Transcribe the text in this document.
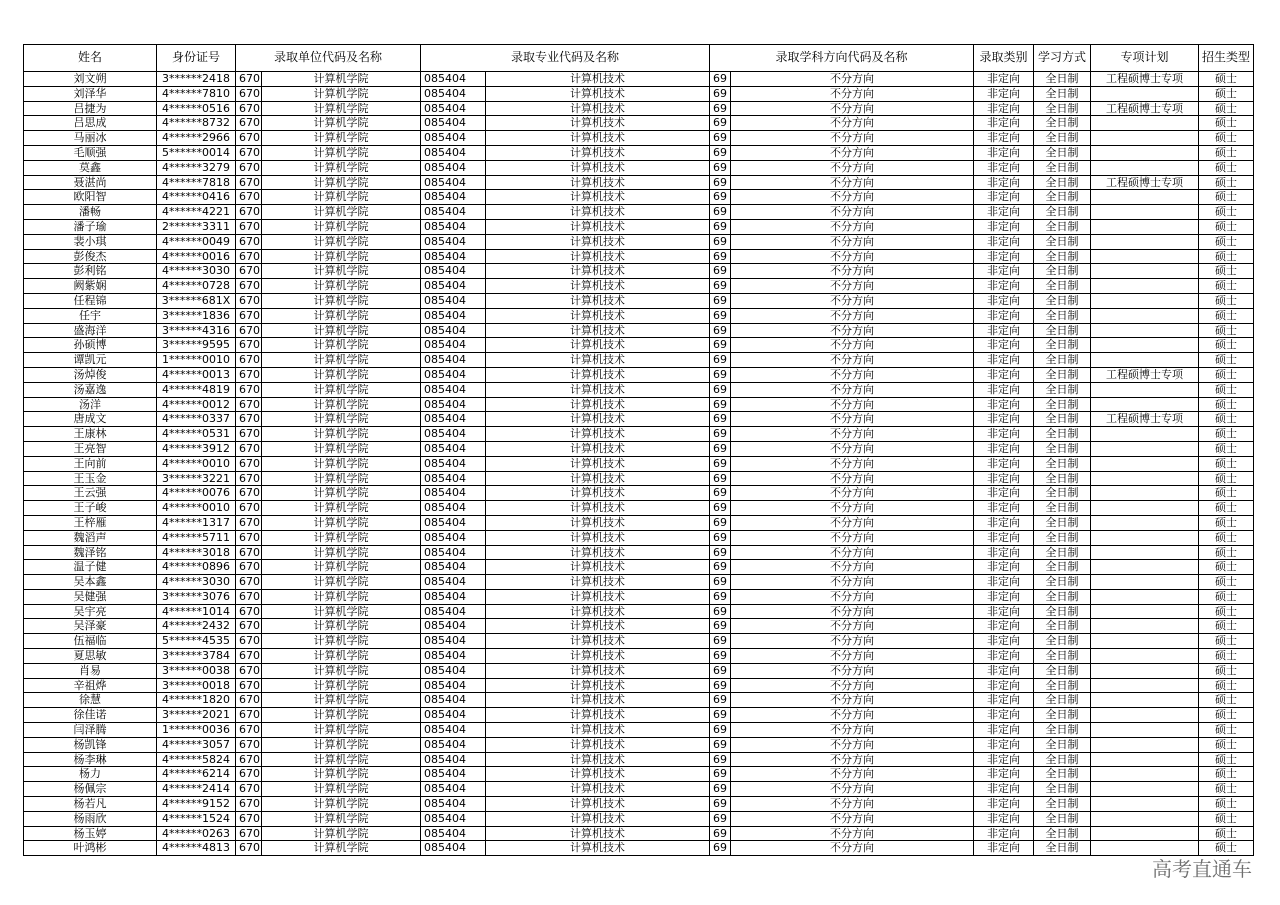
姓名	身份证号	录取单位代码及名称		录取专业代码及名称		录取学科方向代码及名称		录取类别	学习方式	专项计划	招生类型
刘文朔	3******2418	670	计算机学院	085404	计算机技术	69	不分方向	非定向	全日制	工程硕博士专项	硕士
刘泽华	4******7810	670	计算机学院	085404	计算机技术	69	不分方向	非定向	全日制		硕士
吕捷为	4******0516	670	计算机学院	085404	计算机技术	69	不分方向	非定向	全日制	工程硕博士专项	硕士
吕思成	4******8732	670	计算机学院	085404	计算机技术	69	不分方向	非定向	全日制		硕士
马丽冰	4******2966	670	计算机学院	085404	计算机技术	69	不分方向	非定向	全日制		硕士
毛顺强	5******0014	670	计算机学院	085404	计算机技术	69	不分方向	非定向	全日制		硕士
莫鑫	4******3279	670	计算机学院	085404	计算机技术	69	不分方向	非定向	全日制		硕士
聂湛尚	4******7818	670	计算机学院	085404	计算机技术	69	不分方向	非定向	全日制	工程硕博士专项	硕士
欧阳智	4******0416	670	计算机学院	085404	计算机技术	69	不分方向	非定向	全日制		硕士
潘畅	4******4221	670	计算机学院	085404	计算机技术	69	不分方向	非定向	全日制		硕士
潘子瑜	2******3311	670	计算机学院	085404	计算机技术	69	不分方向	非定向	全日制		硕士
裴小琪	4******0049	670	计算机学院	085404	计算机技术	69	不分方向	非定向	全日制		硕士
彭俊杰	4******0016	670	计算机学院	085404	计算机技术	69	不分方向	非定向	全日制		硕士
彭利铭	4******3030	670	计算机学院	085404	计算机技术	69	不分方向	非定向	全日制		硕士
阙紫娴	4******0728	670	计算机学院	085404	计算机技术	69	不分方向	非定向	全日制		硕士
任程锦	3******681X	670	计算机学院	085404	计算机技术	69	不分方向	非定向	全日制		硕士
任宇	3******1836	670	计算机学院	085404	计算机技术	69	不分方向	非定向	全日制		硕士
盛海洋	3******4316	670	计算机学院	085404	计算机技术	69	不分方向	非定向	全日制		硕士
孙硕博	3******9595	670	计算机学院	085404	计算机技术	69	不分方向	非定向	全日制		硕士
谭凯元	1******0010	670	计算机学院	085404	计算机技术	69	不分方向	非定向	全日制		硕士
汤焯俊	4******0013	670	计算机学院	085404	计算机技术	69	不分方向	非定向	全日制	工程硕博士专项	硕士
汤嘉逸	4******4819	670	计算机学院	085404	计算机技术	69	不分方向	非定向	全日制		硕士
汤洋	4******0012	670	计算机学院	085404	计算机技术	69	不分方向	非定向	全日制		硕士
唐成文	4******0337	670	计算机学院	085404	计算机技术	69	不分方向	非定向	全日制	工程硕博士专项	硕士
王康林	4******0531	670	计算机学院	085404	计算机技术	69	不分方向	非定向	全日制		硕士
王亮智	4******3912	670	计算机学院	085404	计算机技术	69	不分方向	非定向	全日制		硕士
王向前	4******0010	670	计算机学院	085404	计算机技术	69	不分方向	非定向	全日制		硕士
王玉金	3******3221	670	计算机学院	085404	计算机技术	69	不分方向	非定向	全日制		硕士
王云强	4******0076	670	计算机学院	085404	计算机技术	69	不分方向	非定向	全日制		硕士
王子峻	4******0010	670	计算机学院	085404	计算机技术	69	不分方向	非定向	全日制		硕士
王梓雁	4******1317	670	计算机学院	085404	计算机技术	69	不分方向	非定向	全日制		硕士
魏滔声	4******5711	670	计算机学院	085404	计算机技术	69	不分方向	非定向	全日制		硕士
魏泽铭	4******3018	670	计算机学院	085404	计算机技术	69	不分方向	非定向	全日制		硕士
温子健	4******0896	670	计算机学院	085404	计算机技术	69	不分方向	非定向	全日制		硕士
吴本鑫	4******3030	670	计算机学院	085404	计算机技术	69	不分方向	非定向	全日制		硕士
吴健强	3******3076	670	计算机学院	085404	计算机技术	69	不分方向	非定向	全日制		硕士
吴宇亮	4******1014	670	计算机学院	085404	计算机技术	69	不分方向	非定向	全日制		硕士
吴泽豪	4******2432	670	计算机学院	085404	计算机技术	69	不分方向	非定向	全日制		硕士
伍福临	5******4535	670	计算机学院	085404	计算机技术	69	不分方向	非定向	全日制		硕士
夏思敏	3******3784	670	计算机学院	085404	计算机技术	69	不分方向	非定向	全日制		硕士
肖易	3******0038	670	计算机学院	085404	计算机技术	69	不分方向	非定向	全日制		硕士
辛祖烨	3******0018	670	计算机学院	085404	计算机技术	69	不分方向	非定向	全日制		硕士
徐慧	4******1820	670	计算机学院	085404	计算机技术	69	不分方向	非定向	全日制		硕士
徐佳诺	3******2021	670	计算机学院	085404	计算机技术	69	不分方向	非定向	全日制		硕士
闫泽腾	1******0036	670	计算机学院	085404	计算机技术	69	不分方向	非定向	全日制		硕士
杨凯锋	4******3057	670	计算机学院	085404	计算机技术	69	不分方向	非定向	全日制		硕士
杨李琳	4******5824	670	计算机学院	085404	计算机技术	69	不分方向	非定向	全日制		硕士
杨力	4******6214	670	计算机学院	085404	计算机技术	69	不分方向	非定向	全日制		硕士
杨佩宗	4******2414	670	计算机学院	085404	计算机技术	69	不分方向	非定向	全日制		硕士
杨若凡	4******9152	670	计算机学院	085404	计算机技术	69	不分方向	非定向	全日制		硕士
杨雨欣	4******1524	670	计算机学院	085404	计算机技术	69	不分方向	非定向	全日制		硕士
杨玉婷	4******0263	670	计算机学院	085404	计算机技术	69	不分方向	非定向	全日制		硕士
叶鸿彬	4******4813	670	计算机学院	085404	计算机技术	69	不分方向	非定向	全日制		硕士
高考直通车
